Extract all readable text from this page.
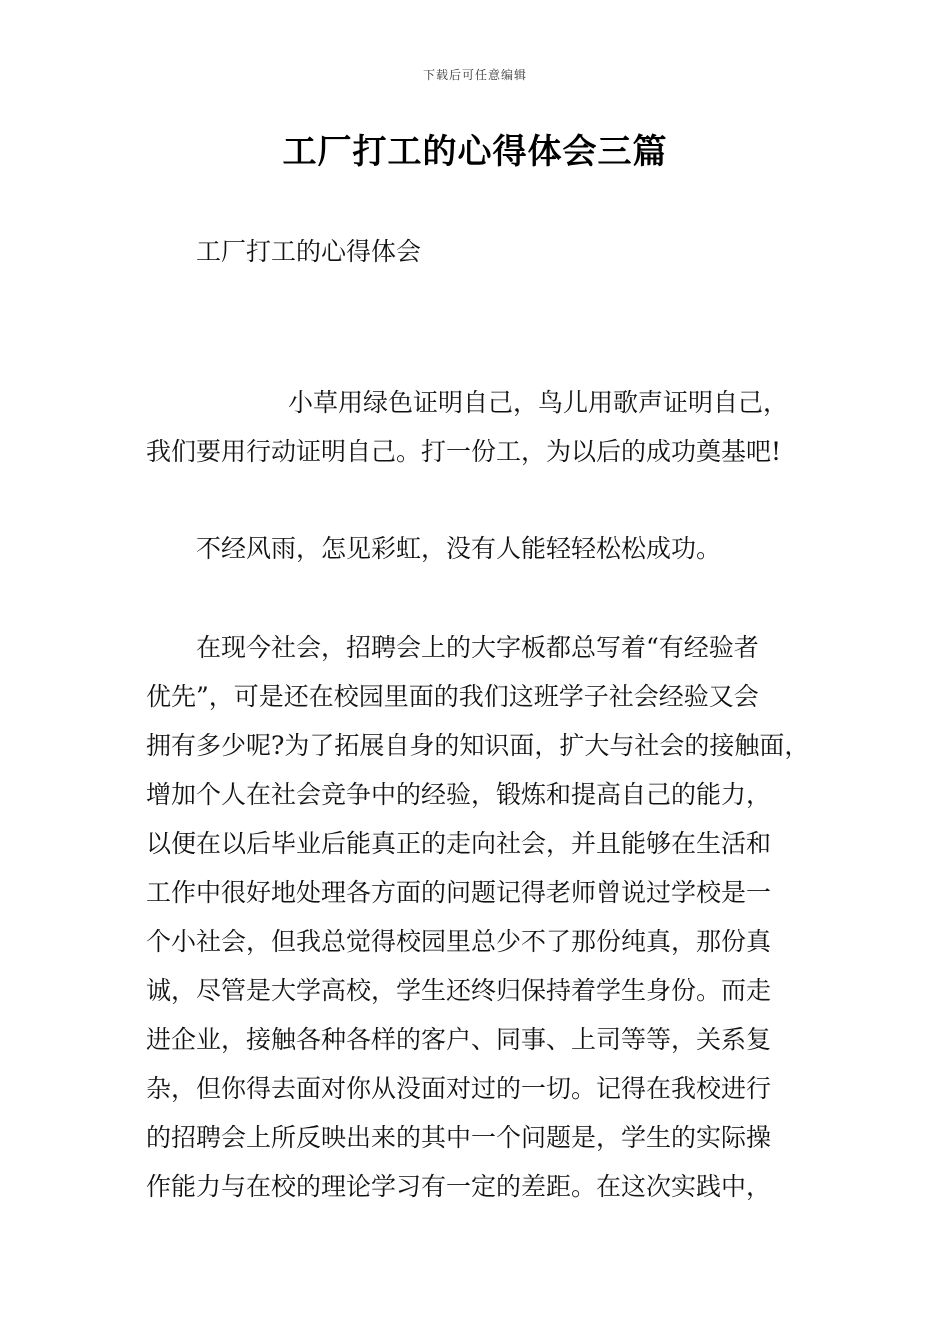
下载后可任意编辑
工厂打工的心得体会三篇

工厂打工的心得体会

小草用绿色证明自己，鸟儿用歌声证明自己，
我们要用行动证明自己。打一份工，为以后的成功奠基吧!

不经风雨，怎见彩虹，没有人能轻轻松松成功。

在现今社会，招聘会上的大字板都总写着“有经验者
优先”，可是还在校园里面的我们这班学子社会经验又会
拥有多少呢?为了拓展自身的知识面，扩大与社会的接触面，
增加个人在社会竞争中的经验，锻炼和提高自己的能力，
以便在以后毕业后能真正的走向社会，并且能够在生活和
工作中很好地处理各方面的问题记得老师曾说过学校是一
个小社会，但我总觉得校园里总少不了那份纯真，那份真
诚，尽管是大学高校，学生还终归保持着学生身份。而走
进企业，接触各种各样的客户、同事、上司等等，关系复
杂，但你得去面对你从没面对过的一切。记得在我校进行
的招聘会上所反映出来的其中一个问题是，学生的实际操
作能力与在校的理论学习有一定的差距。在这次实践中，
